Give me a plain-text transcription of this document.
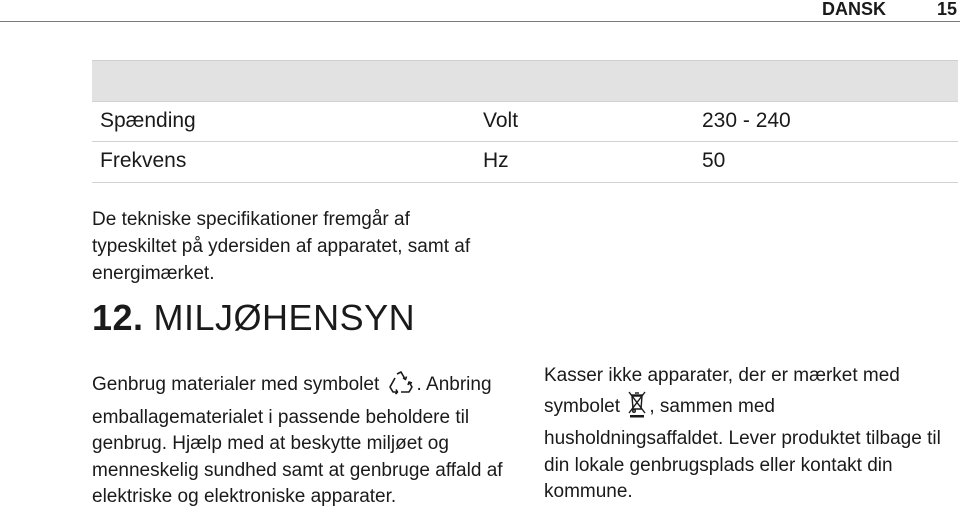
DANSK	15
Spænding	Volt	230 - 240
Frekvens	Hz	50
De tekniske specifikationer fremgår af typeskiltet på ydersiden af apparatet, samt af energimærket.
12. MILJØHENSYN
Genbrug materialer med symbolet . Anbring emballagematerialet i passende beholdere til genbrug. Hjælp med at beskytte miljøet og menneskelig sundhed samt at genbruge affald af elektriske og elektroniske apparater.
Kasser ikke apparater, der er mærket med symbolet , sammen med husholdningsaffaldet. Lever produktet tilbage til din lokale genbrugsplads eller kontakt din kommune.
